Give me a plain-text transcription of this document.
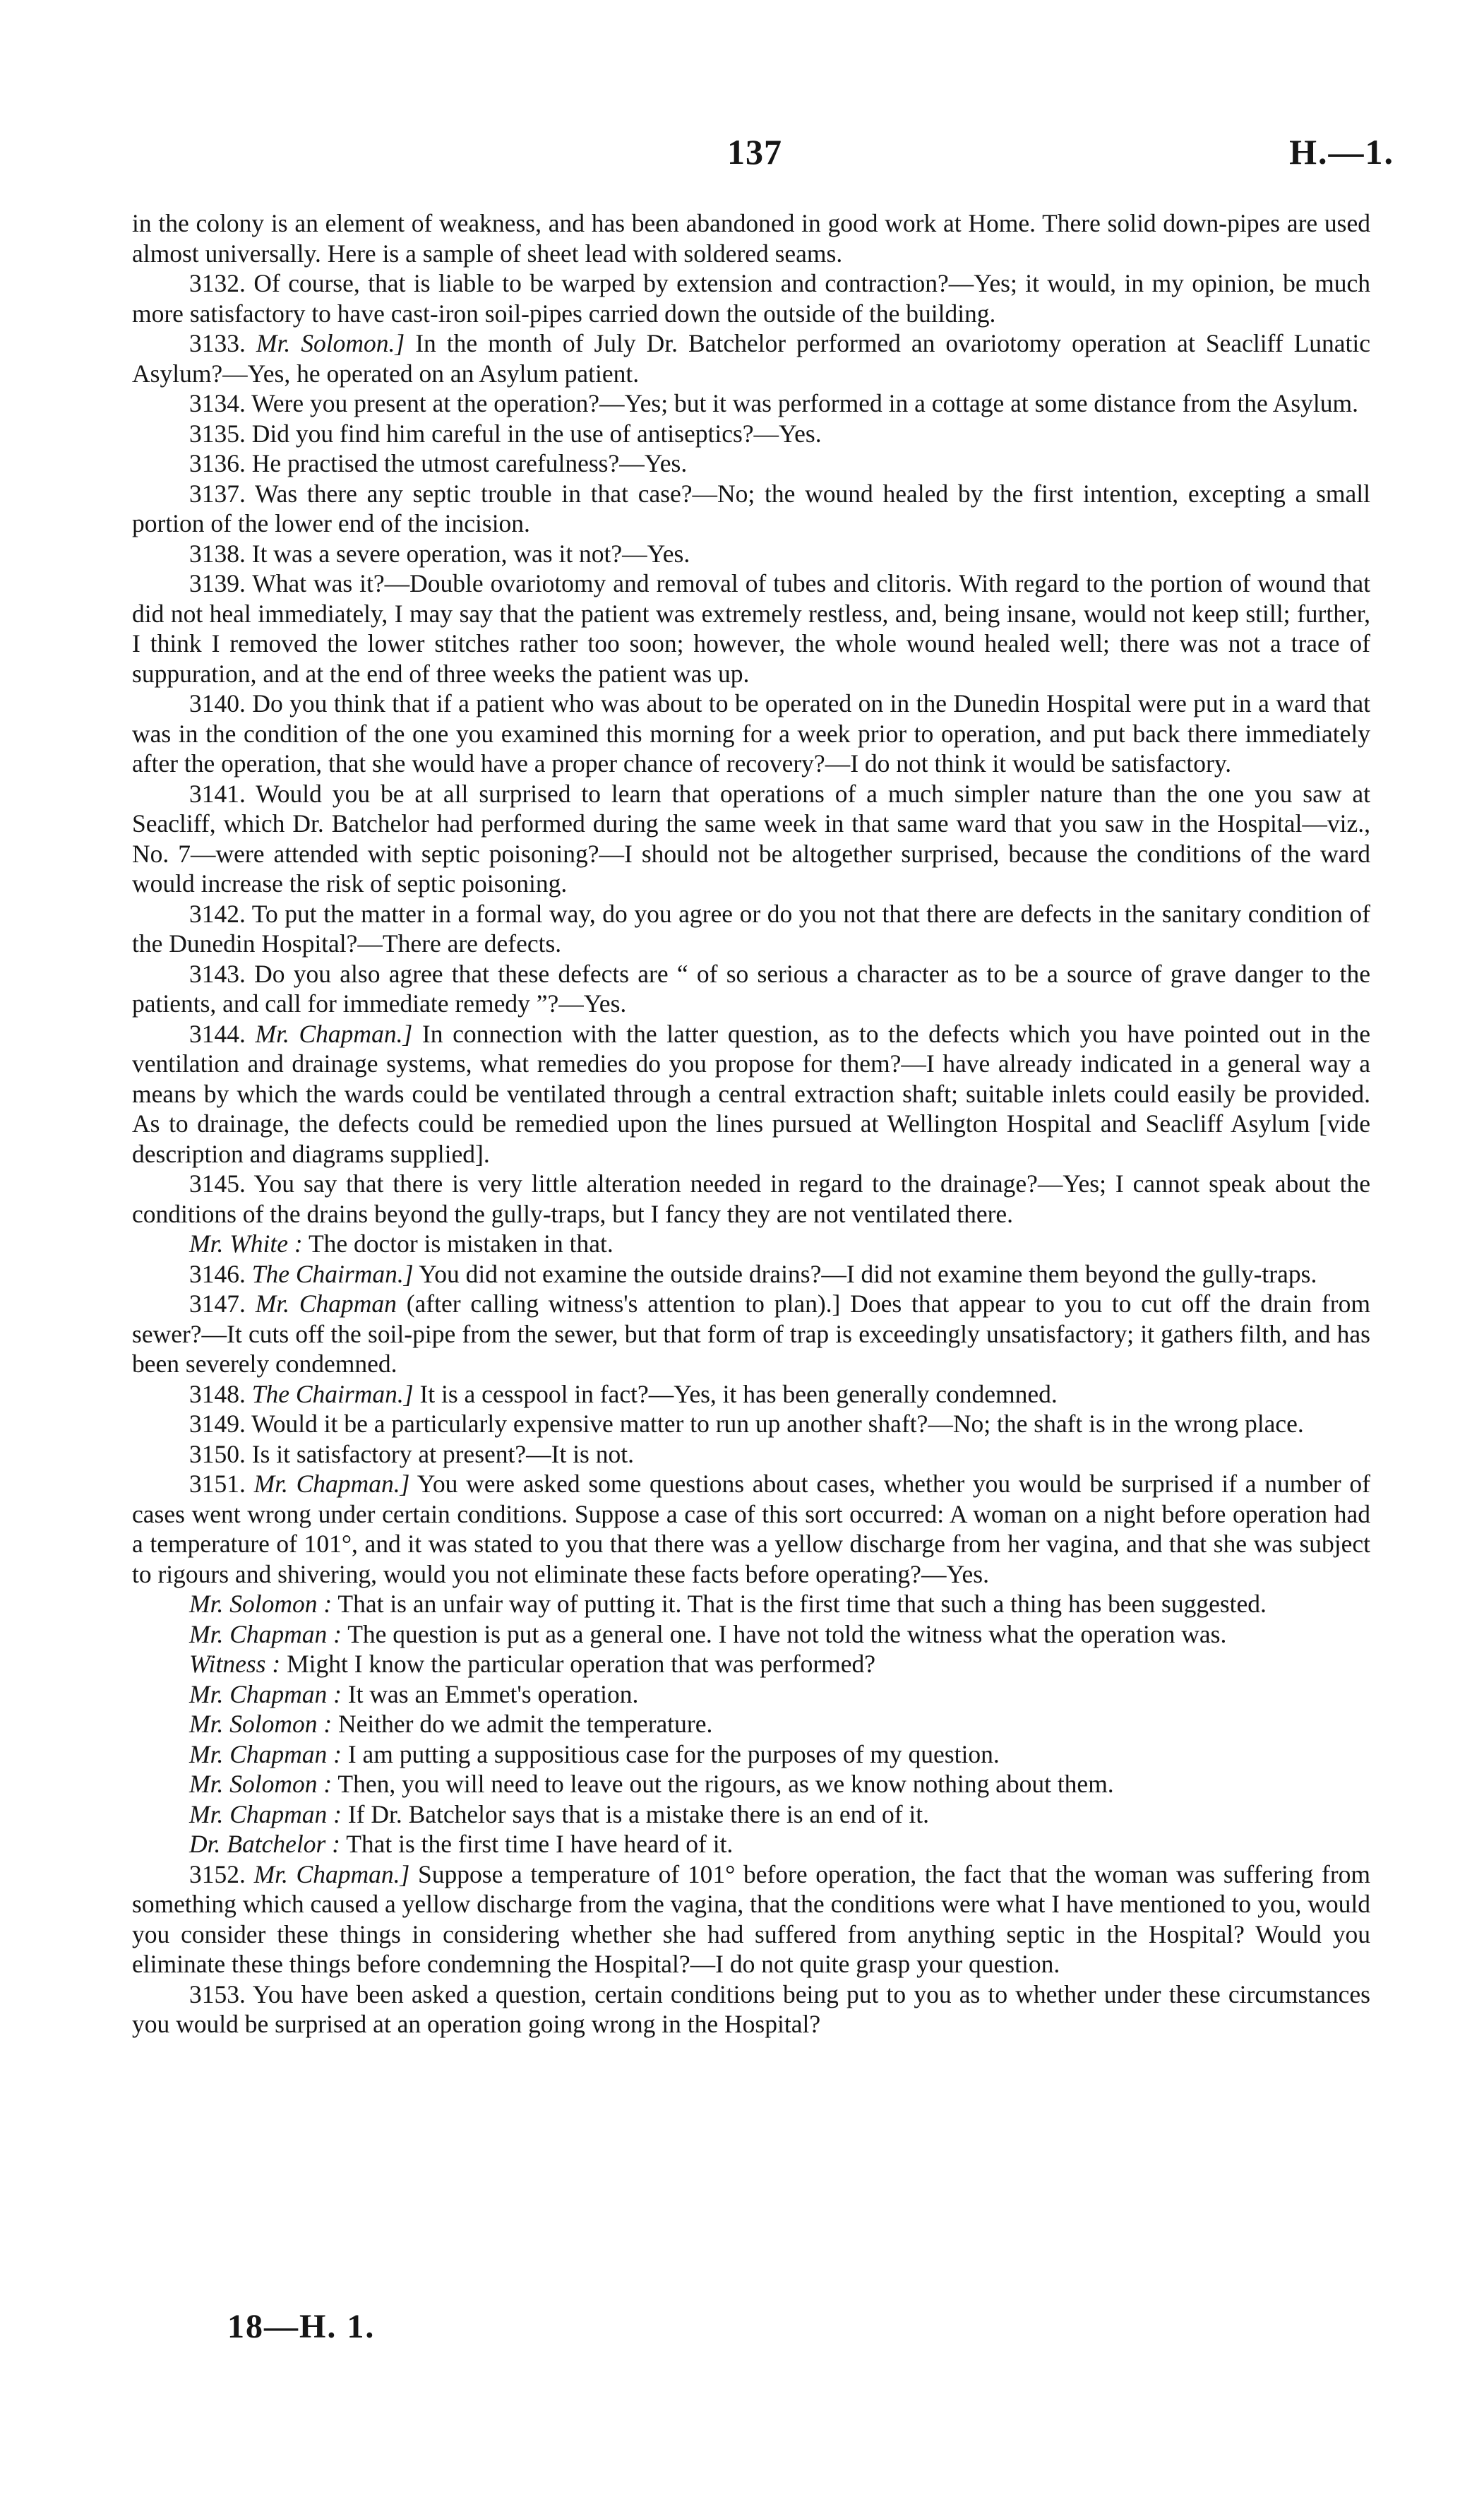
137	H.—1.

in the colony is an element of weakness, and has been abandoned in good work at Home. There solid down-pipes are used almost universally. Here is a sample of sheet lead with soldered seams.

3132. Of course, that is liable to be warped by extension and contraction?—Yes; it would, in my opinion, be much more satisfactory to have cast-iron soil-pipes carried down the outside of the building.

3133. Mr. Solomon.] In the month of July Dr. Batchelor performed an ovariotomy operation at Seacliff Lunatic Asylum?—Yes, he operated on an Asylum patient.

3134. Were you present at the operation?—Yes; but it was performed in a cottage at some distance from the Asylum.

3135. Did you find him careful in the use of antiseptics?—Yes.

3136. He practised the utmost carefulness?—Yes.

3137. Was there any septic trouble in that case?—No; the wound healed by the first intention, excepting a small portion of the lower end of the incision.

3138. It was a severe operation, was it not?—Yes.

3139. What was it?—Double ovariotomy and removal of tubes and clitoris. With regard to the portion of wound that did not heal immediately, I may say that the patient was extremely restless, and, being insane, would not keep still; further, I think I removed the lower stitches rather too soon; however, the whole wound healed well; there was not a trace of suppuration, and at the end of three weeks the patient was up.

3140. Do you think that if a patient who was about to be operated on in the Dunedin Hospital were put in a ward that was in the condition of the one you examined this morning for a week prior to operation, and put back there immediately after the operation, that she would have a proper chance of recovery?—I do not think it would be satisfactory.

3141. Would you be at all surprised to learn that operations of a much simpler nature than the one you saw at Seacliff, which Dr. Batchelor had performed during the same week in that same ward that you saw in the Hospital—viz., No. 7—were attended with septic poisoning?—I should not be altogether surprised, because the conditions of the ward would increase the risk of septic poisoning.

3142. To put the matter in a formal way, do you agree or do you not that there are defects in the sanitary condition of the Dunedin Hospital?—There are defects.

3143. Do you also agree that these defects are “ of so serious a character as to be a source of grave danger to the patients, and call for immediate remedy ”?—Yes.

3144. Mr. Chapman.] In connection with the latter question, as to the defects which you have pointed out in the ventilation and drainage systems, what remedies do you propose for them?—I have already indicated in a general way a means by which the wards could be ventilated through a central extraction shaft; suitable inlets could easily be provided. As to drainage, the defects could be remedied upon the lines pursued at Wellington Hospital and Seacliff Asylum [vide description and diagrams supplied].

3145. You say that there is very little alteration needed in regard to the drainage?—Yes; I cannot speak about the conditions of the drains beyond the gully-traps, but I fancy they are not ventilated there.

Mr. White : The doctor is mistaken in that.

3146. The Chairman.] You did not examine the outside drains?—I did not examine them beyond the gully-traps.

3147. Mr. Chapman (after calling witness's attention to plan).] Does that appear to you to cut off the drain from sewer?—It cuts off the soil-pipe from the sewer, but that form of trap is exceedingly unsatisfactory; it gathers filth, and has been severely condemned.

3148. The Chairman.] It is a cesspool in fact?—Yes, it has been generally condemned.

3149. Would it be a particularly expensive matter to run up another shaft?—No; the shaft is in the wrong place.

3150. Is it satisfactory at present?—It is not.

3151. Mr. Chapman.] You were asked some questions about cases, whether you would be surprised if a number of cases went wrong under certain conditions. Suppose a case of this sort occurred: A woman on a night before operation had a temperature of 101°, and it was stated to you that there was a yellow discharge from her vagina, and that she was subject to rigours and shivering, would you not eliminate these facts before operating?—Yes.

Mr. Solomon : That is an unfair way of putting it. That is the first time that such a thing has been suggested.

Mr. Chapman : The question is put as a general one. I have not told the witness what the operation was.

Witness : Might I know the particular operation that was performed?

Mr. Chapman : It was an Emmet's operation.

Mr. Solomon : Neither do we admit the temperature.

Mr. Chapman : I am putting a suppositious case for the purposes of my question.

Mr. Solomon : Then, you will need to leave out the rigours, as we know nothing about them.

Mr. Chapman : If Dr. Batchelor says that is a mistake there is an end of it.

Dr. Batchelor : That is the first time I have heard of it.

3152. Mr. Chapman.] Suppose a temperature of 101° before operation, the fact that the woman was suffering from something which caused a yellow discharge from the vagina, that the conditions were what I have mentioned to you, would you consider these things in considering whether she had suffered from anything septic in the Hospital? Would you eliminate these things before condemning the Hospital?—I do not quite grasp your question.

3153. You have been asked a question, certain conditions being put to you as to whether under these circumstances you would be surprised at an operation going wrong in the Hospital?

18—H. 1.
